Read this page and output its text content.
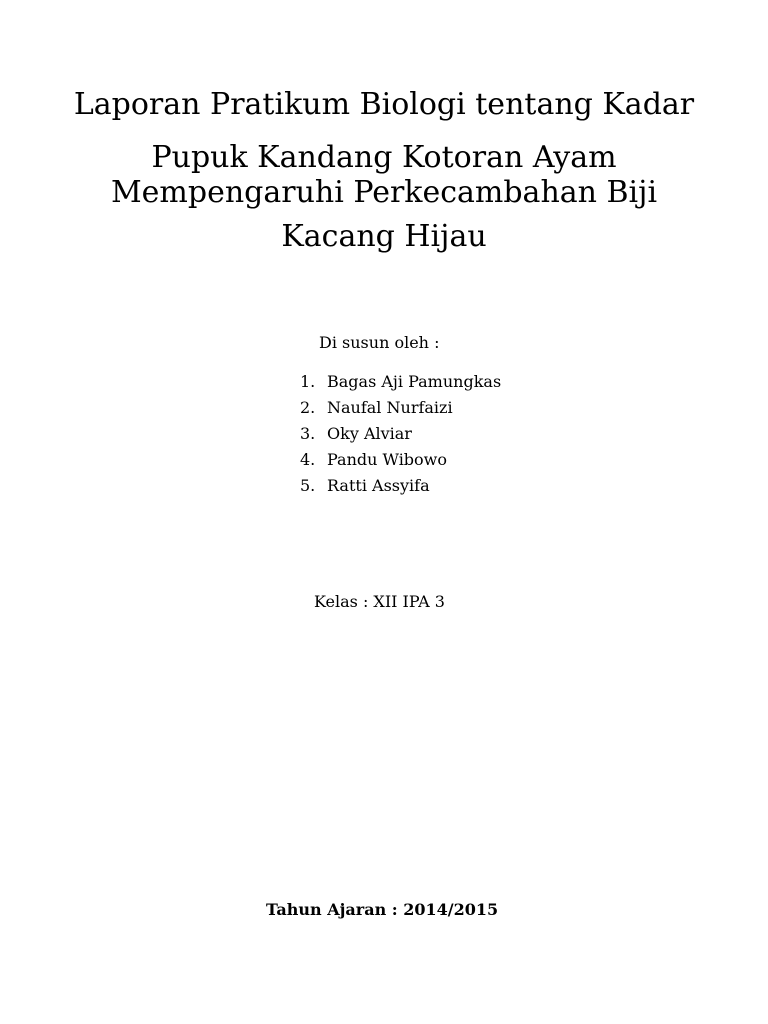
Laporan Pratikum Biologi tentang Kadar
Pupuk Kandang Kotoran Ayam
Mempengaruhi Perkecambahan Biji
Kacang Hijau
Di susun oleh :
1. Bagas Aji Pamungkas
2. Naufal Nurfaizi
3. Oky Alviar
4. Pandu Wibowo
5. Ratti Assyifa
Kelas : XII IPA 3
Tahun Ajaran : 2014/2015
